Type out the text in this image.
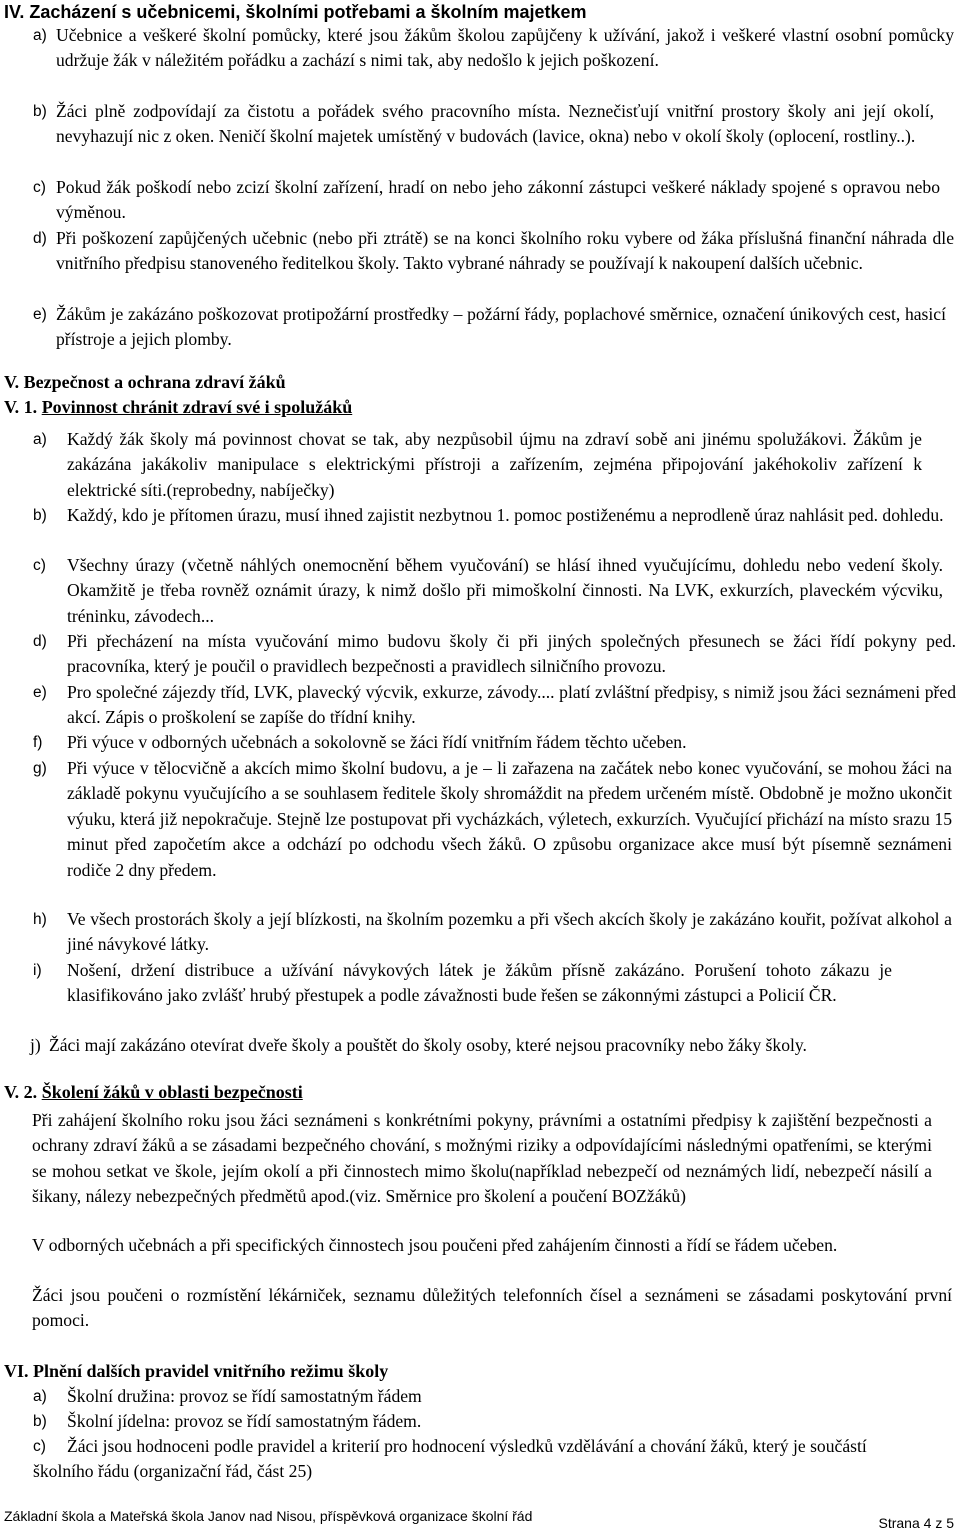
IV. Zacházení s učebnicemi, školními potřebami a školním majetkem
a) Učebnice a veškeré školní pomůcky, které jsou žákům školou zapůjčeny k užívání, jakož i veškeré vlastní osobní pomůcky udržuje žák v náležitém pořádku a zachází s nimi tak, aby nedošlo k jejich poškození.
b) Žáci plně zodpovídají za čistotu a pořádek svého pracovního místa. Neznečisťují vnitřní prostory školy ani její okolí, nevyhazují nic z oken. Neničí školní majetek umístěný v budovách (lavice, okna) nebo v okolí školy (oplocení, rostliny..).
c) Pokud žák poškodí nebo zcizí školní zařízení, hradí on nebo jeho zákonní zástupci veškeré náklady spojené s opravou nebo výměnou.
d) Při poškození zapůjčených učebnic (nebo při ztrátě) se na konci školního roku vybere od žáka příslušná finanční náhrada dle vnitřního předpisu stanoveného ředitelkou školy. Takto vybrané náhrady se používají k nakoupení dalších učebnic.
e) Žákům je zakázáno poškozovat protipožární prostředky – požární řády, poplachové směrnice, označení únikových cest, hasicí přístroje a jejich plomby.
V. Bezpečnost a ochrana zdraví žáků
V. 1. Povinnost chránit zdraví své i spolužáků
a) Každý žák školy má povinnost chovat se tak, aby nezpůsobil újmu na zdraví sobě ani jinému spolužákovi. Žákům je zakázána jakákoliv manipulace s elektrickými přístroji a zařízením, zejména připojování jakéhokoliv zařízení k elektrické síti.(reprobedny, nabíječky)
b) Každý, kdo je přítomen úrazu, musí ihned zajistit nezbytnou 1. pomoc postiženému a neprodleně úraz nahlásit ped. dohledu.
c) Všechny úrazy (včetně náhlých onemocnění během vyučování) se hlásí ihned vyučujícímu, dohledu nebo vedení školy. Okamžitě je třeba rovněž oznámit úrazy, k nimž došlo při mimoškolní činnosti. Na LVK, exkurzích, plaveckém výcviku, tréninku, závodech...
d) Při přecházení na místa vyučování mimo budovu školy či při jiných společných přesunech se žáci řídí pokyny ped. pracovníka, který je poučil o pravidlech bezpečnosti a pravidlech silničního provozu.
e) Pro společné zájezdy tříd, LVK, plavecký výcvik, exkurze, závody.... platí zvláštní předpisy, s nimiž jsou žáci seznámeni před akcí. Zápis o proškolení se zapíše do třídní knihy.
f) Při výuce v odborných učebnách a sokolovně se žáci řídí vnitřním řádem těchto učeben.
g) Při výuce v tělocvičně a akcích mimo školní budovu, a je – li zařazena na začátek nebo konec vyučování, se mohou žáci na základě pokynu vyučujícího a se souhlasem ředitele školy shromáždit na předem určeném místě. Obdobně je možno ukončit výuku, která již nepokračuje. Stejně lze postupovat při vycházkách, výletech, exkurzích. Vyučující přichází na místo srazu 15 minut před započetím akce a odchází po odchodu všech žáků. O způsobu organizace akce musí být písemně seznámeni rodiče 2 dny předem.
h) Ve všech prostorách školy a její blízkosti, na školním pozemku a při všech akcích školy je zakázáno kouřit, požívat alkohol a jiné návykové látky.
i) Nošení, držení distribuce a užívání návykových látek je žákům přísně zakázáno. Porušení tohoto zákazu je klasifikováno jako zvlášť hrubý přestupek a podle závažnosti bude řešen se zákonnými zástupci a Policií ČR.
j) Žáci mají zakázáno otevírat dveře školy a pouštět do školy osoby, které nejsou pracovníky nebo žáky školy.
V. 2. Školení žáků v oblasti bezpečnosti
Při zahájení školního roku jsou žáci seznámeni s konkrétními pokyny, právními a ostatními předpisy k zajištění bezpečnosti a ochrany zdraví žáků a se zásadami bezpečného chování, s možnými riziky a odpovídajícími následnými opatřeními, se kterými se mohou setkat ve škole, jejím okolí a při činnostech mimo školu(například nebezpečí od neznámých lidí, nebezpečí násilí a šikany, nálezy nebezpečných předmětů apod.(viz. Směrnice pro školení a poučení BOZžáků)
V odborných učebnách a při specifických činnostech jsou poučeni před zahájením činnosti a řídí se řádem učeben.
Žáci jsou poučeni o rozmístění lékárniček, seznamu důležitých telefonních čísel a seznámeni se zásadami poskytování první pomoci.
VI. Plnění dalších pravidel vnitřního režimu školy
a) Školní družina: provoz se řídí samostatným řádem
b) Školní jídelna: provoz se řídí samostatným řádem.
c)	Žáci jsou hodnoceni podle pravidel a kriterií pro hodnocení výsledků vzdělávání a chování žáků, který je součástí školního řádu (organizační řád, část 25)
Základní škola a Mateřská škola Janov nad Nisou, příspěvková organizace školní řád	Strana 4 z 5
